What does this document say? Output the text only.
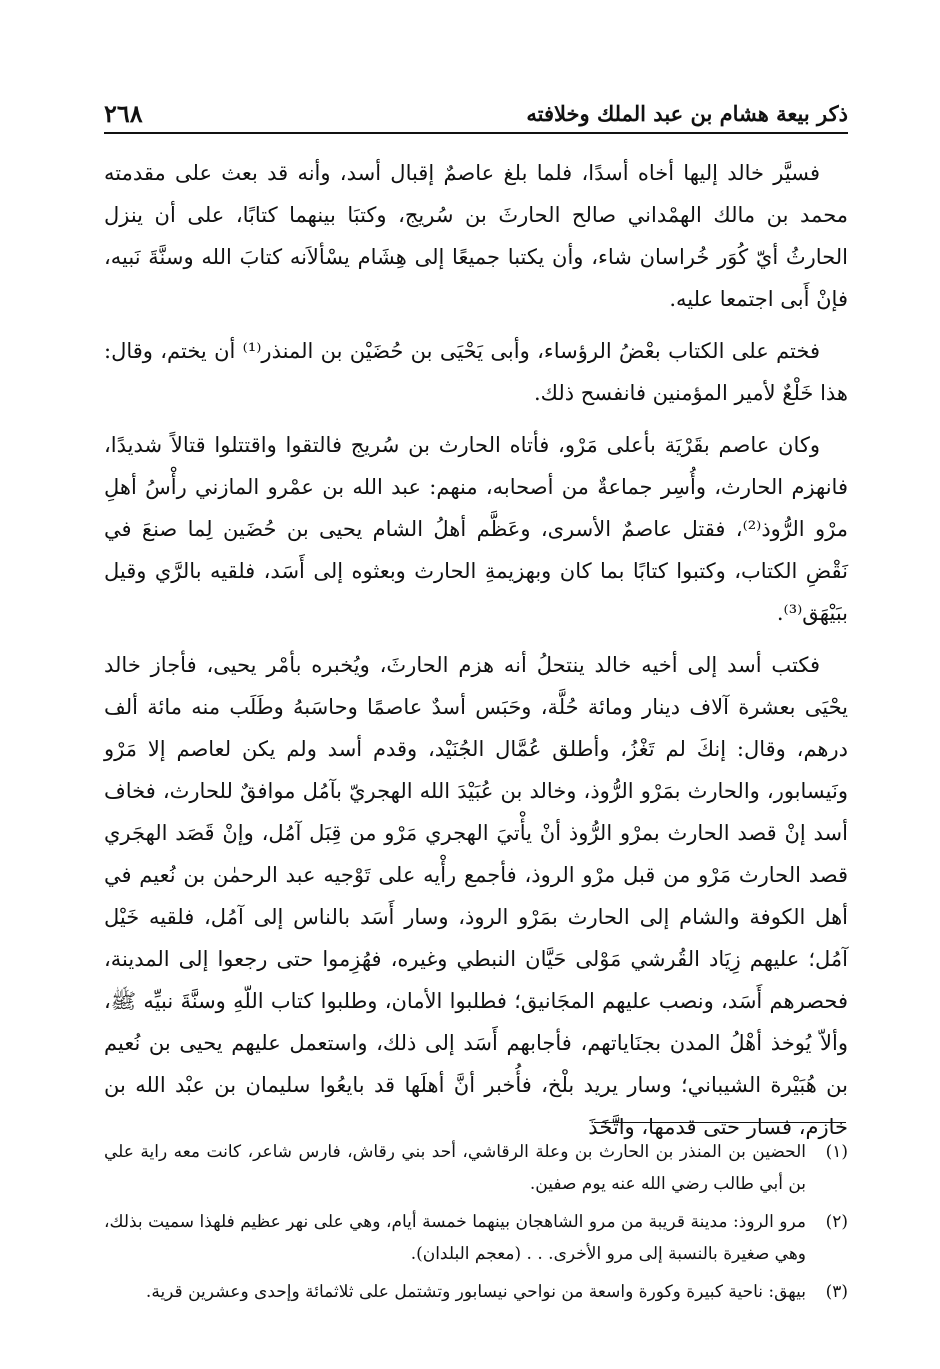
ذكر بيعة هشام بن عبد الملك وخلافته
٢٦٨

فسيَّر خالد إليها أخاه أسدًا، فلما بلغ عاصمٌ إقبال أسد، وأنه قد بعث على مقدمته محمد بن مالك الهمْداني صالح الحارثَ بن سُريج، وكتبَا بينهما كتابًا، على أن ينزل الحارثُ أيّ كُوَر خُراسان شاء، وأن يكتبا جميعًا إلى هِشَام يسْألاَنه كتابَ الله وسنَّةَ نَبيه، فإنْ أَبى اجتمعا عليه.

فختم على الكتاب بعْضُ الرؤساء، وأبى يَحْيَى بن حُضَيْن بن المنذر⁽¹⁾ أن يختم، وقال: هذا خَلْعٌ لأمير المؤمنين فانفسح ذلك.

وكان عاصم بقَرْيَة بأعلى مَرْو، فأتاه الحارث بن سُريج فالتقوا واقتتلوا قتالاً شديدًا، فانهزم الحارث، وأُسِر جماعةٌ من أصحابه، منهم: عبد الله بن عمْرو المازني رأْسُ أهلِ مرْو الرُّوذ⁽²⁾، فقتل عاصمٌ الأسرى، وعَظَّم أهلُ الشام يحيى بن حُضَين لِما صنعَ في نَقْضِ الكتاب، وكتبوا كتابًا بما كان وبهزيمةِ الحارث وبعثوه إلى أَسَد، فلقيه بالرَّي وقيل ببَيْهَق⁽³⁾.

فكتب أسد إلى أخيه خالد ينتحلُ أنه هزم الحارثَ، ويُخبره بأمْر يحيى، فأجاز خالد يحْيَى بعشرة آلاف دينار ومائة حُلَّة، وحَبَس أسدٌ عاصمًا وحاسَبهُ وطَلَب منه مائة ألف درهم، وقال: إنكَ لم تَغْزُ، وأطلق عُمَّال الجُنَيْد، وقدم أسد ولم يكن لعاصم إلا مَرْو ونَيسابور، والحارث بمَرْو الرُّوذ، وخالد بن عُبَيْدَ الله الهجريّ بآمُل موافقٌ للحارث، فخاف أسد إنْ قصد الحارث بمرْو الرُّوذ أنْ يأْتيَ الهجري مَرْو من قِبَل آمُل، وإنْ قَصَد الهجَري قصد الحارث مَرْو من قبل مرْو الروذ، فأجمع رأْيه على تَوْجيه عبد الرحمٰن بن نُعيم في أهل الكوفة والشام إلى الحارث بمَرْو الروذ، وسار أَسَد بالناس إلى آمُل، فلقيه خَيْل آمُل؛ عليهم زِيَاد القُرشي مَوْلى حَيَّان النبطي وغيره، فهُزِموا حتى رجعوا إلى المدينة، فحصرهم أَسَد، ونصب عليهم المجَانيق؛ فطلبوا الأمان، وطلبوا كتاب اللّهِ وسنَّةَ نبيِّه ﷺ، وألاّ يُوخذ أهْلُ المدن بجنَاياتهم، فأجابهم أَسَد إلى ذلك، واستعمل عليهم يحيى بن نُعيم بن هُبَيْرة الشيباني؛ وسار يريد بلْخ، فأُخبر أنَّ أهلَها قد بايعُوا سليمان بن عبْد الله بن خازم، فسار حتى قدمها، واتَّخَذَ

(١)
الحضين بن المنذر بن الحارث بن وعلة الرقاشي، أحد بني رقاش، فارس شاعر، كانت معه راية علي بن أبي طالب رضي الله عنه يوم صفين.
(٢)
مرو الروذ: مدينة قريبة من مرو الشاهجان بينهما خمسة أيام، وهي على نهر عظيم فلهذا سميت بذلك، وهي صغيرة بالنسبة إلى مرو الأخرى. . . (معجم البلدان).
(٣)
بيهق: ناحية كبيرة وكورة واسعة من نواحي نيسابور وتشتمل على ثلاثمائة وإحدى وعشرين قرية.
